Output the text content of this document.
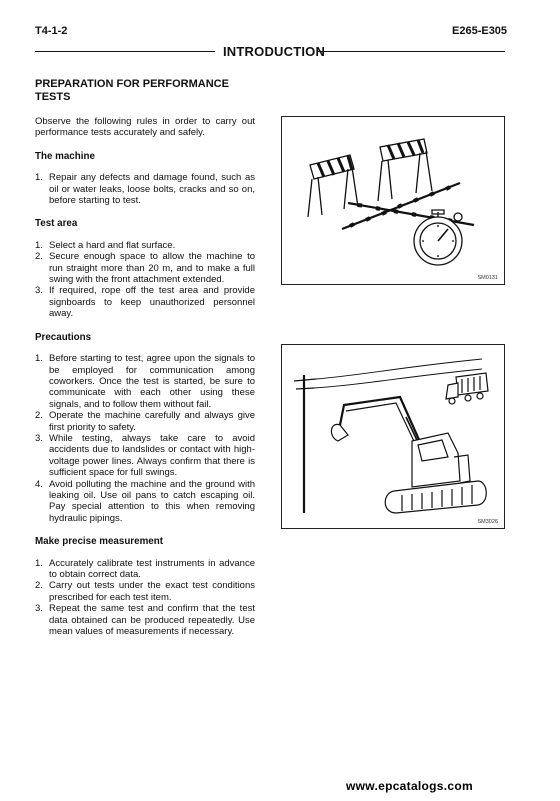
T4-1-2	E265-E305
INTRODUCTION
PREPARATION FOR PERFORMANCE TESTS

Observe the following rules in order to carry out performance tests accurately and safely.

The machine
1. Repair any defects and damage found, such as oil or water leaks, loose bolts, cracks and so on, before starting to test.
Test area
1. Select a hard and flat surface.
2. Secure enough space to allow the machine to run straight more than 20 m, and to make a full swing with the front attachment extended.
3. If required, rope off the test area and provide signboards to keep unauthorized personnel away.
Precautions
1. Before starting to test, agree upon the signals to be employed for communication among coworkers. Once the test is started, be sure to communicate with each other using these signals, and to follow them without fail.
2. Operate the machine carefully and always give first priority to safety.
3. While testing, always take care to avoid accidents due to landslides or contact with high-voltage power lines. Always confirm that there is sufficient space for full swings.
4. Avoid polluting the machine and the ground with leaking oil. Use oil pans to catch escaping oil. Pay special attention to this when removing hydraulic pipings.
Make precise measurement
1. Accurately calibrate test instruments in advance to obtain correct data.
2. Carry out tests under the exact test conditions prescribed for each test item.
3. Repeat the same test and confirm that the test data obtained can be produced repeatedly. Use mean values of measurements if necessary.
SM0131
SM3026
www.epcatalogs.com
